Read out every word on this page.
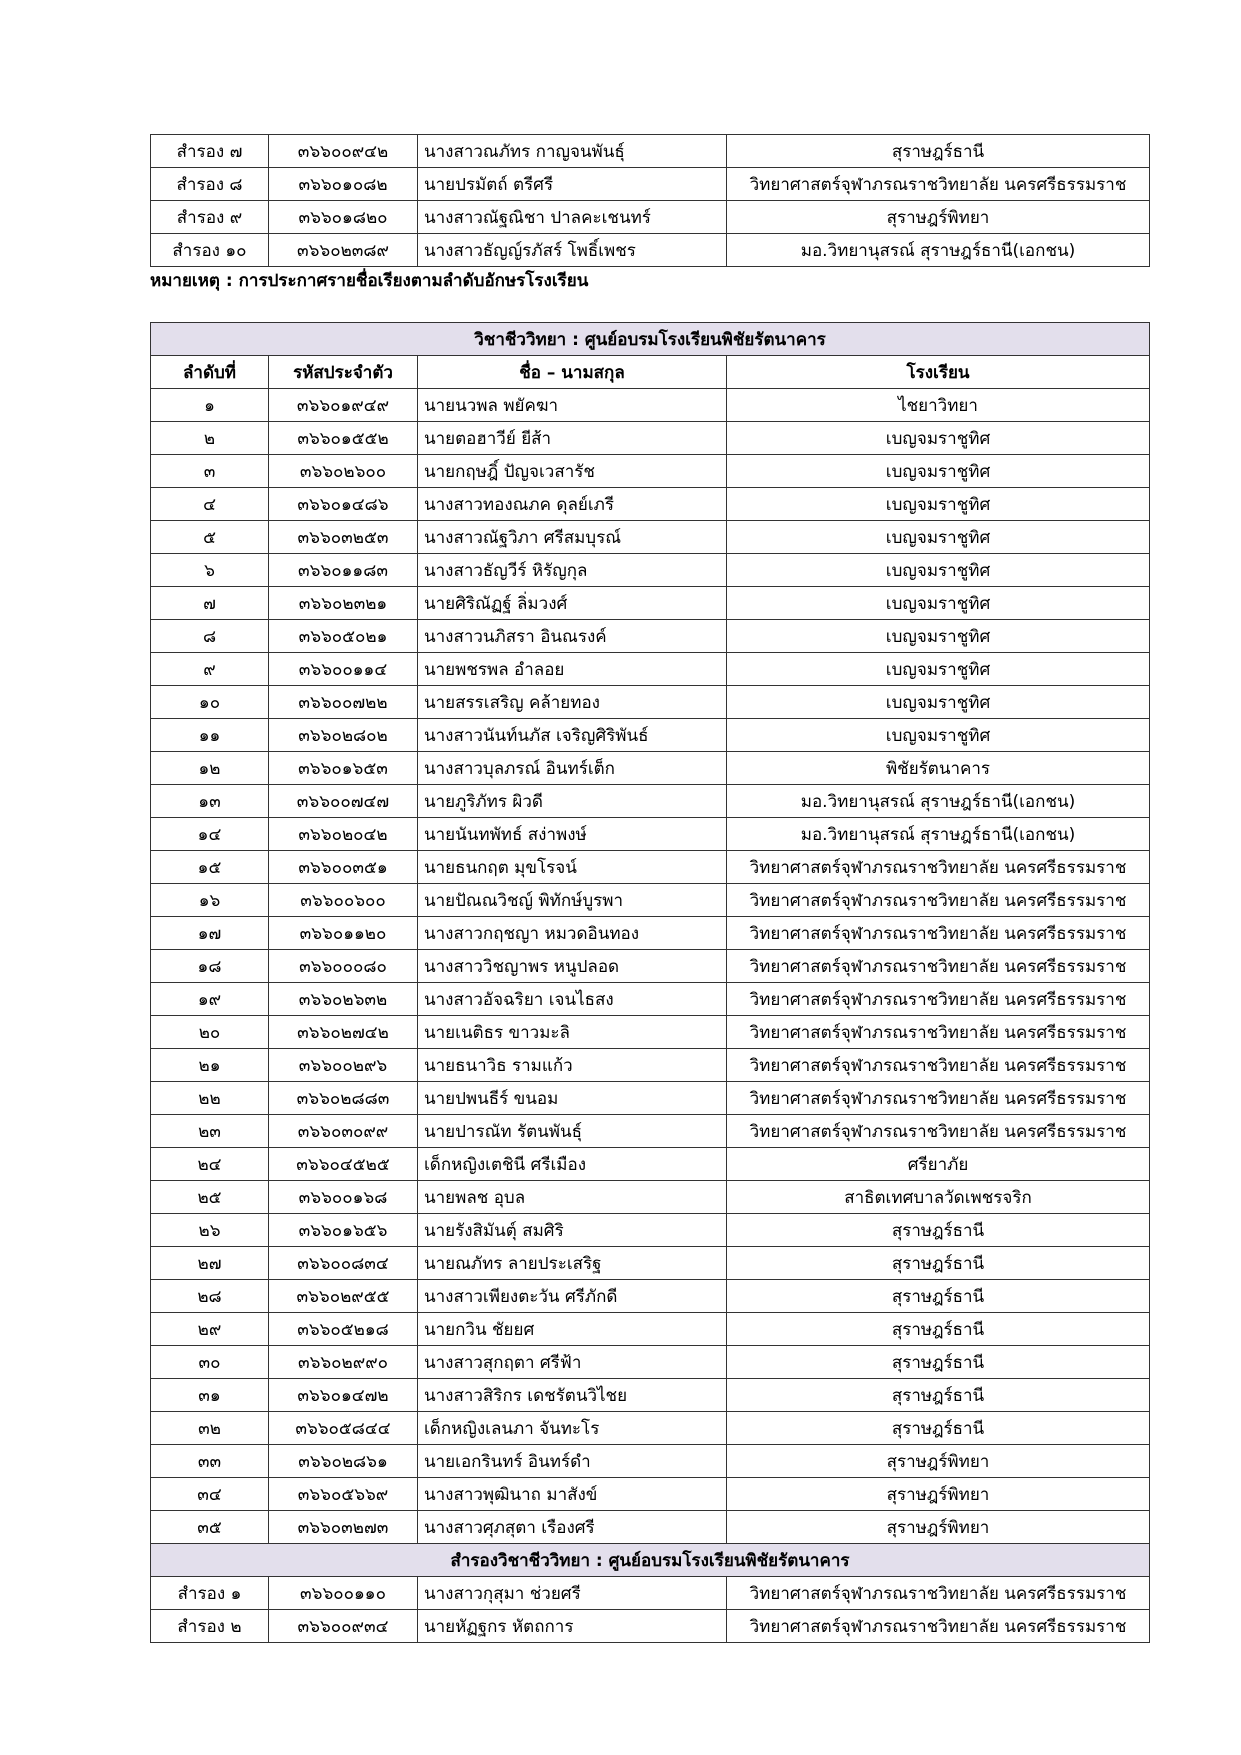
สำรอง ๗	๓๖๖๐๐๙๔๒	นางสาวณภัทร กาญจนพันธุ์	สุราษฎร์ธานี
สำรอง ๘	๓๖๖๐๑๐๘๒	นายปรมัตถ์ ตรีศรี	วิทยาศาสตร์จุฬาภรณราชวิทยาลัย นครศรีธรรมราช
สำรอง ๙	๓๖๖๐๑๘๒๐	นางสาวณัฐณิชา ปาลคะเชนทร์	สุราษฎร์พิทยา
สำรอง ๑๐	๓๖๖๐๒๓๘๙	นางสาวธัญญ์รภัสร์ โพธิ์เพชร	มอ.วิทยานุสรณ์ สุราษฎร์ธานี(เอกชน)
หมายเหตุ : การประกาศรายชื่อเรียงตามลำดับอักษรโรงเรียน
วิชาชีววิทยา : ศูนย์อบรมโรงเรียนพิชัยรัตนาคาร			
ลำดับที่	รหัสประจำตัว	ชื่อ – นามสกุล	โรงเรียน
๑	๓๖๖๐๑๙๔๙	นายนวพล พยัคฆา	ไชยาวิทยา
๒	๓๖๖๐๑๕๕๒	นายตอฮาวีย์ ยีส้า	เบญจมราชูทิศ
๓	๓๖๖๐๒๖๐๐	นายกฤษฎิ์ ปัญจเวสารัช	เบญจมราชูทิศ
๔	๓๖๖๐๑๔๘๖	นางสาวทองณภค ดุลย์เภรี	เบญจมราชูทิศ
๕	๓๖๖๐๓๒๕๓	นางสาวณัฐวิภา ศรีสมบุรณ์	เบญจมราชูทิศ
๖	๓๖๖๐๑๑๘๓	นางสาวธัญวีร์ หิรัญกุล	เบญจมราชูทิศ
๗	๓๖๖๐๒๓๒๑	นายศิริณัฏฐ์ ลิ่มวงศ์	เบญจมราชูทิศ
๘	๓๖๖๐๕๐๒๑	นางสาวนภิสรา อินณรงค์	เบญจมราชูทิศ
๙	๓๖๖๐๐๑๑๔	นายพชรพล อำลอย	เบญจมราชูทิศ
๑๐	๓๖๖๐๐๗๒๒	นายสรรเสริญ คล้ายทอง	เบญจมราชูทิศ
๑๑	๓๖๖๐๒๘๐๒	นางสาวนันท์นภัส เจริญศิริพันธ์	เบญจมราชูทิศ
๑๒	๓๖๖๐๑๖๕๓	นางสาวบุลภรณ์ อินทร์เต็ก	พิชัยรัตนาคาร
๑๓	๓๖๖๐๐๗๔๗	นายภูริภัทร ผิวดี	มอ.วิทยานุสรณ์ สุราษฎร์ธานี(เอกชน)
๑๔	๓๖๖๐๒๐๔๒	นายนันทพัทธ์ สง่าพงษ์	มอ.วิทยานุสรณ์ สุราษฎร์ธานี(เอกชน)
๑๕	๓๖๖๐๐๓๕๑	นายธนกฤต มุขโรจน์	วิทยาศาสตร์จุฬาภรณราชวิทยาลัย นครศรีธรรมราช
๑๖	๓๖๖๐๐๖๐๐	นายปัณณวิชญ์ พิทักษ์บูรพา	วิทยาศาสตร์จุฬาภรณราชวิทยาลัย นครศรีธรรมราช
๑๗	๓๖๖๐๑๑๒๐	นางสาวกฤชญา หมวดอินทอง	วิทยาศาสตร์จุฬาภรณราชวิทยาลัย นครศรีธรรมราช
๑๘	๓๖๖๐๐๐๘๐	นางสาววิชญาพร หนูปลอด	วิทยาศาสตร์จุฬาภรณราชวิทยาลัย นครศรีธรรมราช
๑๙	๓๖๖๐๒๖๓๒	นางสาวอัจฉริยา เจนไธสง	วิทยาศาสตร์จุฬาภรณราชวิทยาลัย นครศรีธรรมราช
๒๐	๓๖๖๐๒๗๔๒	นายเนติธร ขาวมะลิ	วิทยาศาสตร์จุฬาภรณราชวิทยาลัย นครศรีธรรมราช
๒๑	๓๖๖๐๐๒๙๖	นายธนาวิธ รามแก้ว	วิทยาศาสตร์จุฬาภรณราชวิทยาลัย นครศรีธรรมราช
๒๒	๓๖๖๐๒๘๘๓	นายปพนธีร์ ขนอม	วิทยาศาสตร์จุฬาภรณราชวิทยาลัย นครศรีธรรมราช
๒๓	๓๖๖๐๓๐๙๙	นายปารณัท รัตนพันธุ์	วิทยาศาสตร์จุฬาภรณราชวิทยาลัย นครศรีธรรมราช
๒๔	๓๖๖๐๔๕๒๕	เด็กหญิงเตชินี ศรีเมือง	ศรียาภัย
๒๕	๓๖๖๐๐๑๖๘	นายพลช อุบล	สาธิตเทศบาลวัดเพชรจริก
๒๖	๓๖๖๐๑๖๕๖	นายรังสิมันตุ์ สมศิริ	สุราษฎร์ธานี
๒๗	๓๖๖๐๐๘๓๔	นายณภัทร ลายประเสริฐ	สุราษฎร์ธานี
๒๘	๓๖๖๐๒๙๕๕	นางสาวเพียงตะวัน ศรีภักดี	สุราษฎร์ธานี
๒๙	๓๖๖๐๕๒๑๘	นายกวิน ชัยยศ	สุราษฎร์ธานี
๓๐	๓๖๖๐๒๙๙๐	นางสาวสุกฤตา ศรีฟ้า	สุราษฎร์ธานี
๓๑	๓๖๖๐๑๔๗๒	นางสาวสิริกร เดชรัตนวิไชย	สุราษฎร์ธานี
๓๒	๓๖๖๐๕๘๔๔	เด็กหญิงเลนภา จันทะโร	สุราษฎร์ธานี
๓๓	๓๖๖๐๒๘๖๑	นายเอกรินทร์ อินทร์ดำ	สุราษฎร์พิทยา
๓๔	๓๖๖๐๕๖๖๙	นางสาวพุฒินาถ มาสังข์	สุราษฎร์พิทยา
๓๕	๓๖๖๐๓๒๗๓	นางสาวศุภสุตา เรืองศรี	สุราษฎร์พิทยา
สำรองวิชาชีววิทยา : ศูนย์อบรมโรงเรียนพิชัยรัตนาคาร			
สำรอง ๑	๓๖๖๐๐๑๑๐	นางสาวกุสุมา ช่วยศรี	วิทยาศาสตร์จุฬาภรณราชวิทยาลัย นครศรีธรรมราช
สำรอง ๒	๓๖๖๐๐๙๓๔	นายหัฏฐกร หัตถการ	วิทยาศาสตร์จุฬาภรณราชวิทยาลัย นครศรีธรรมราช
